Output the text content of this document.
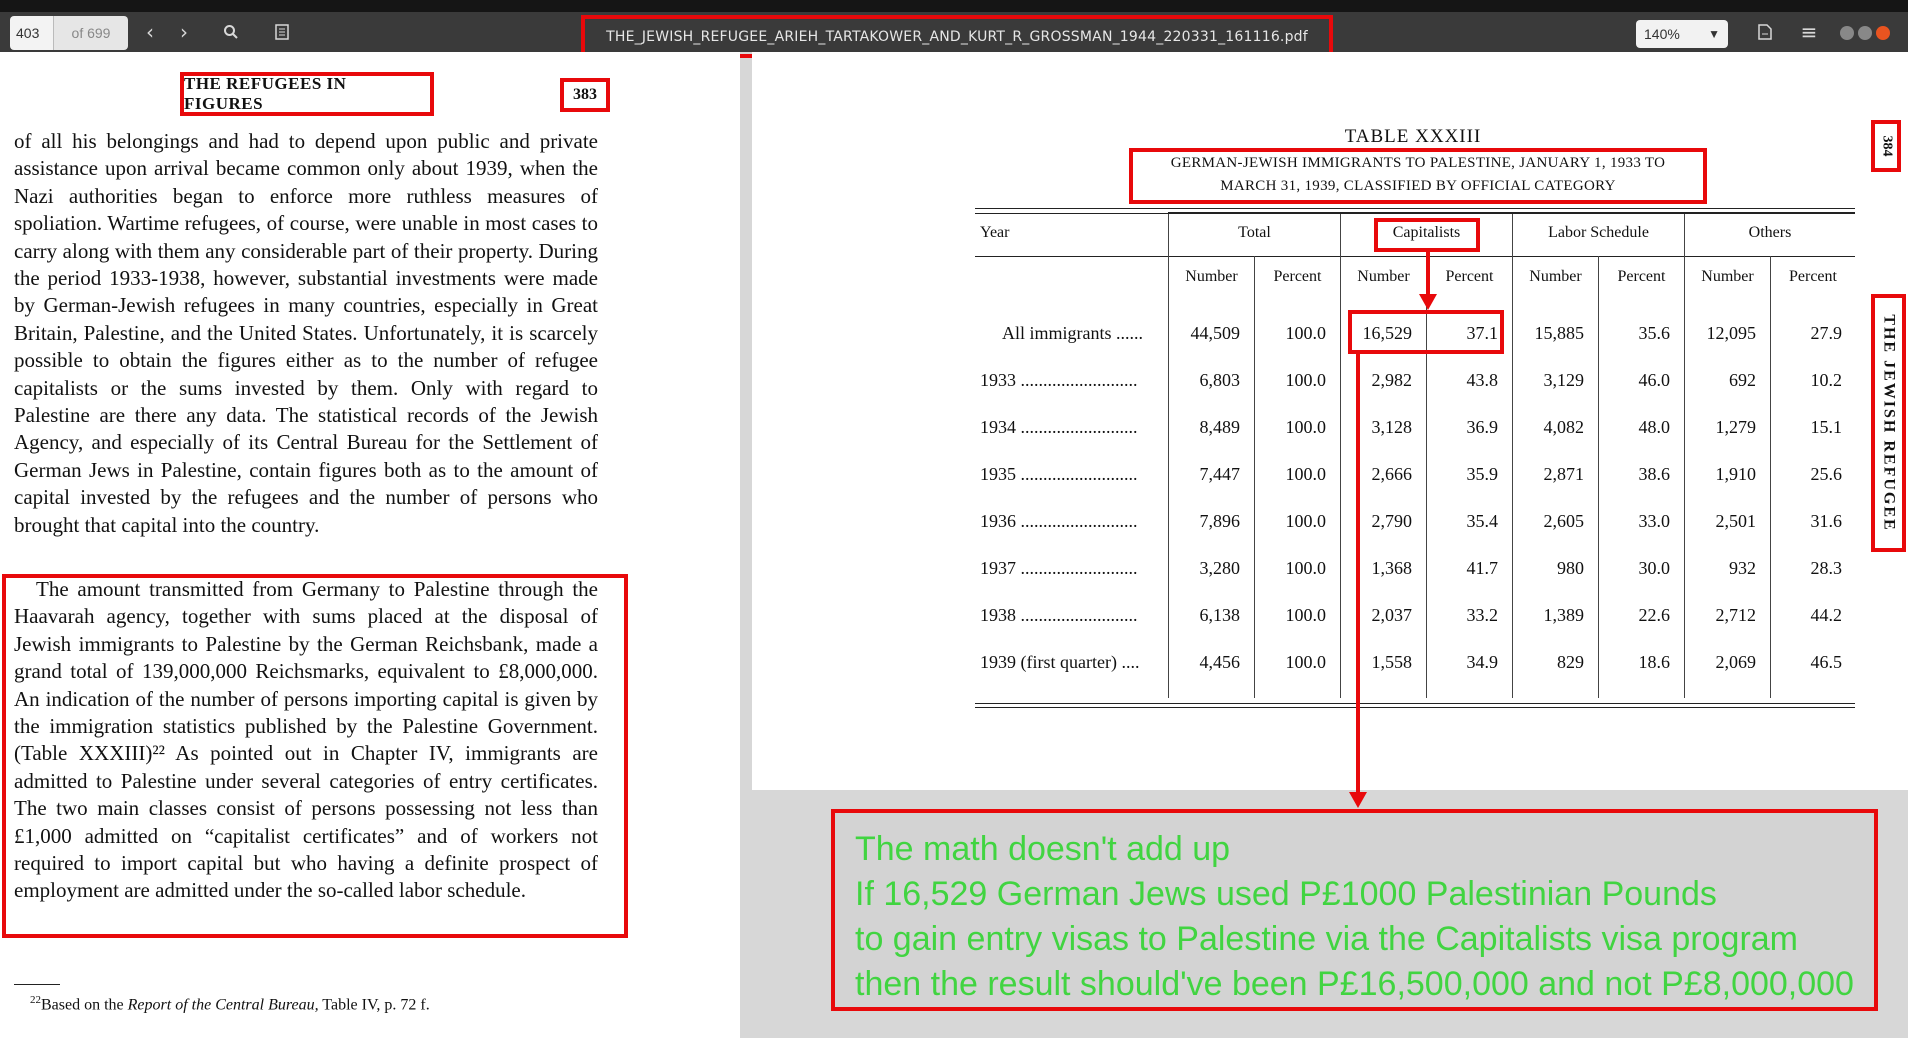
403	of 699	‹	›	THE_JEWISH_REFUGEE_ARIEH_TARTAKOWER_AND_KURT_R_GROSSMAN_1944_220331_161116.pdf	140% ▼	≡
THE REFUGEES IN FIGURES	383
of all his belongings and had to depend upon public and private assistance upon arrival became common only about 1939, when the Nazi authorities began to enforce more ruthless measures of spoliation. Wartime refugees, of course, were unable in most cases to carry along with them any considerable part of their property. During the period 1933-1938, however, substantial investments were made by German-Jewish refugees in many countries, especially in Great Britain, Palestine, and the United States. Unfortunately, it is scarcely possible to obtain the figures either as to the number of refugee capitalists or the sums invested by them. Only with regard to Palestine are there any data. The statistical records of the Jewish Agency, and especially of its Central Bureau for the Settlement of German Jews in Palestine, contain figures both as to the amount of capital invested by the refugees and the number of persons who brought that capital into the country.
The amount transmitted from Germany to Palestine through the Haavarah agency, together with sums placed at the disposal of Jewish immigrants to Palestine by the German Reichsbank, made a grand total of 139,000,000 Reichsmarks, equivalent to £8,000,000. An indication of the number of persons importing capital is given by the immigration statistics published by the Palestine Government. (Table XXXIII)²² As pointed out in Chapter IV, immigrants are admitted to Palestine under several categories of entry certificates. The two main classes consist of persons possessing not less than £1,000 admitted on “capitalist certificates” and of workers not required to import capital but who having a definite prospect of employment are admitted under the so-called labor schedule.
$^{22}$Based on the Report of the Central Bureau, Table IV, p. 72 f.
384
THE JEWISH REFUGEE
TABLE XXXIII
GERMAN-JEWISH IMMIGRANTS TO PALESTINE, JANUARY 1, 1933 TO
MARCH 31, 1939, CLASSIFIED BY OFFICIAL CATEGORY
Year	Total	Capitalists	Labor Schedule	Others
Number	Percent	Number	Percent	Number	Percent	Number	Percent
All immigrants ......	44,509	100.0	16,529	37.1	15,885	35.6	12,095	27.9
1933 ..........................	6,803	100.0	2,982	43.8	3,129	46.0	692	10.2
1934 ..........................	8,489	100.0	3,128	36.9	4,082	48.0	1,279	15.1
1935 ..........................	7,447	100.0	2,666	35.9	2,871	38.6	1,910	25.6
1936 ..........................	7,896	100.0	2,790	35.4	2,605	33.0	2,501	31.6
1937 ..........................	3,280	100.0	1,368	41.7	980	30.0	932	28.3
1938 ..........................	6,138	100.0	2,037	33.2	1,389	22.6	2,712	44.2
1939 (first quarter) ....	4,456	100.0	1,558	34.9	829	18.6	2,069	46.5
The math doesn't add up
If 16,529 German Jews used P£1000 Palestinian Pounds
to gain entry visas to Palestine via the Capitalists visa program
then the result should've been P£16,500,000 and not P£8,000,000
